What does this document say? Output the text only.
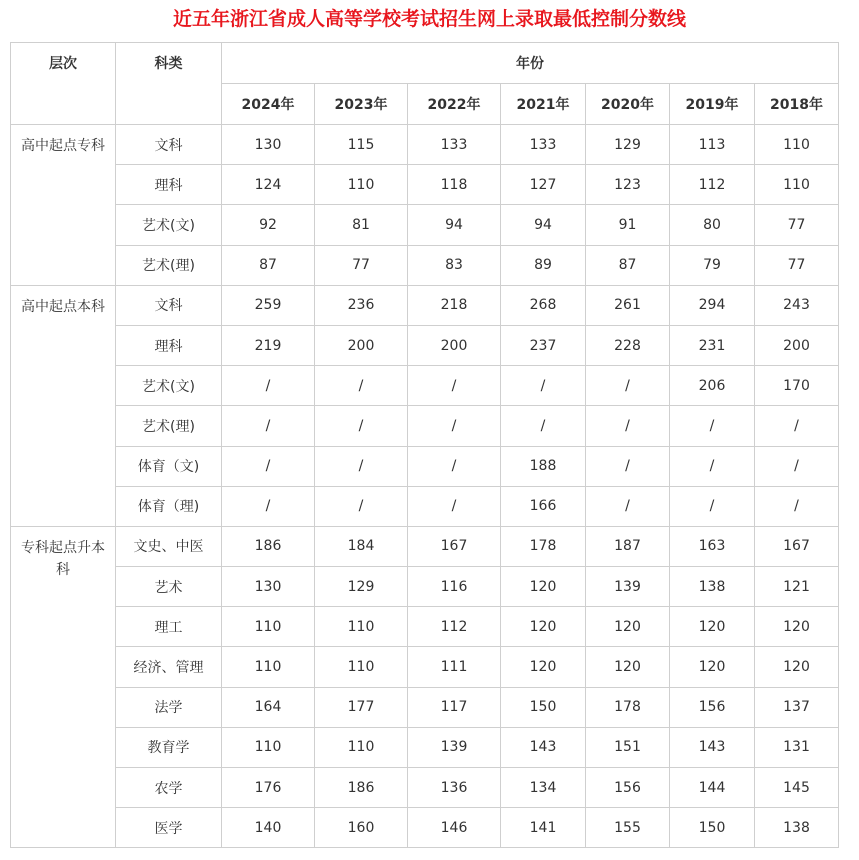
近五年浙江省成人高等学校考试招生网上录取最低控制分数线
层次	科类	年份						
		2024年	2023年	2022年	2021年	2020年	2019年	2018年
高中起点专科	文科	130	115	133	133	129	113	110
	理科	124	110	118	127	123	112	110
	艺术(文)	92	81	94	94	91	80	77
	艺术(理)	87	77	83	89	87	79	77
高中起点本科	文科	259	236	218	268	261	294	243
	理科	219	200	200	237	228	231	200
	艺术(文)	/	/	/	/	/	206	170
	艺术(理)	/	/	/	/	/	/	/
	体育（文)	/	/	/	188	/	/	/
	体育（理)	/	/	/	166	/	/	/
专科起点升本科	文史、中医	186	184	167	178	187	163	167
	艺术	130	129	116	120	139	138	121
	理工	110	110	112	120	120	120	120
	经济、管理	110	110	111	120	120	120	120
	法学	164	177	117	150	178	156	137
	教育学	110	110	139	143	151	143	131
	农学	176	186	136	134	156	144	145
	医学	140	160	146	141	155	150	138
